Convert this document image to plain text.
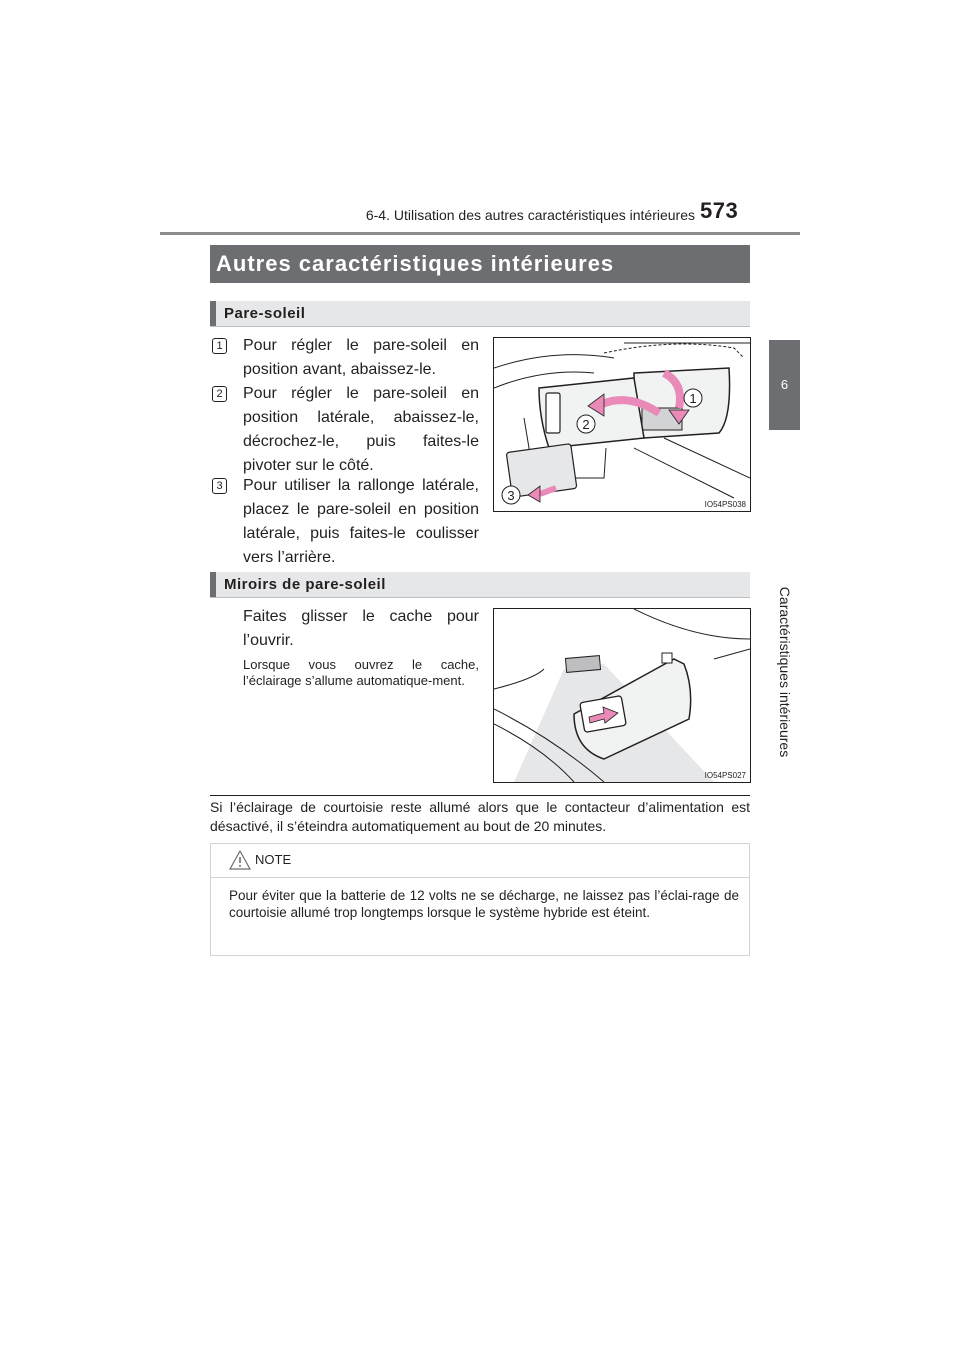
6-4. Utilisation des autres caractéristiques intérieures 573
6
Caractéristiques intérieures
Autres caractéristiques intérieures
Pare-soleil
1 Pour régler le pare-soleil en position avant, abaissez-le.
2 Pour régler le pare-soleil en position latérale, abaissez-le, décrochez-le, puis faites-le pivoter sur le côté.
3 Pour utiliser la rallonge latérale, placez le pare-soleil en position latérale, puis faites-le coulisser vers l’arrière.
1
2
3
IO54PS038
Miroirs de pare-soleil
Faites glisser le cache pour l’ouvrir.
Lorsque vous ouvrez le cache, l’éclairage s’allume automatique-ment.
IO54PS027
Si l’éclairage de courtoisie reste allumé alors que le contacteur d’alimentation est désactivé, il s’éteindra automatiquement au bout de 20 minutes.
NOTE
Pour éviter que la batterie de 12 volts ne se décharge, ne laissez pas l’éclai-rage de courtoisie allumé trop longtemps lorsque le système hybride est éteint.
